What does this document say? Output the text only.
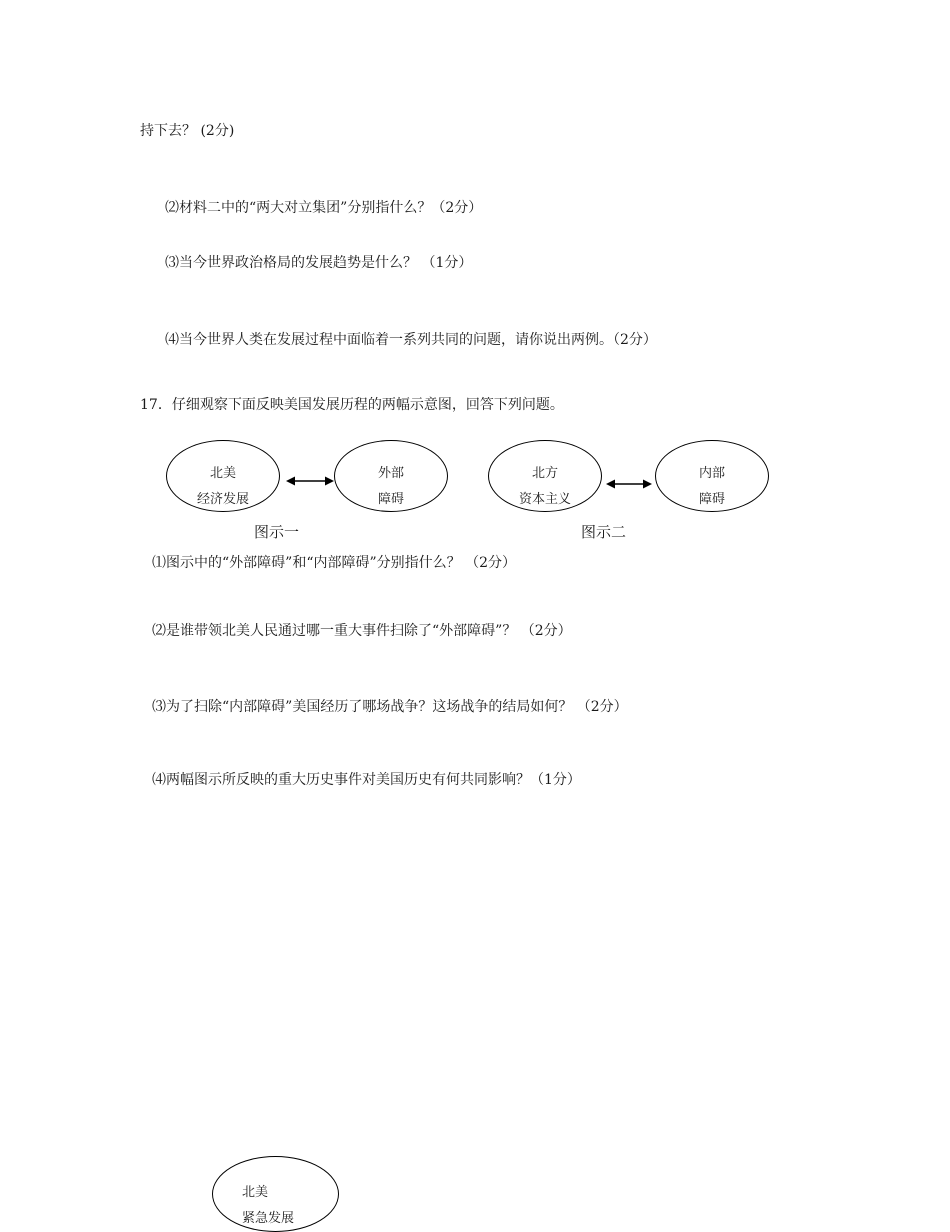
持下去？ (2分)
⑵材料二中的“两大对立集团”分别指什么？（2分）
⑶当今世界政治格局的发展趋势是什么？ （1分）
⑷当今世界人类在发展过程中面临着一系列共同的问题，请你说出两例。（2分）
17．仔细观察下面反映美国发展历程的两幅示意图，回答下列问题。
北美
经济发展
外部
障碍
图示一
北方
资本主义
内部
障碍
图示二
⑴图示中的“外部障碍”和“内部障碍”分别指什么？ （2分）
⑵是谁带领北美人民通过哪一重大事件扫除了“外部障碍”？ （2分）
⑶为了扫除“内部障碍”美国经历了哪场战争？这场战争的结局如何？ （2分）
⑷两幅图示所反映的重大历史事件对美国历史有何共同影响？（1分）
北美
紧急发展
